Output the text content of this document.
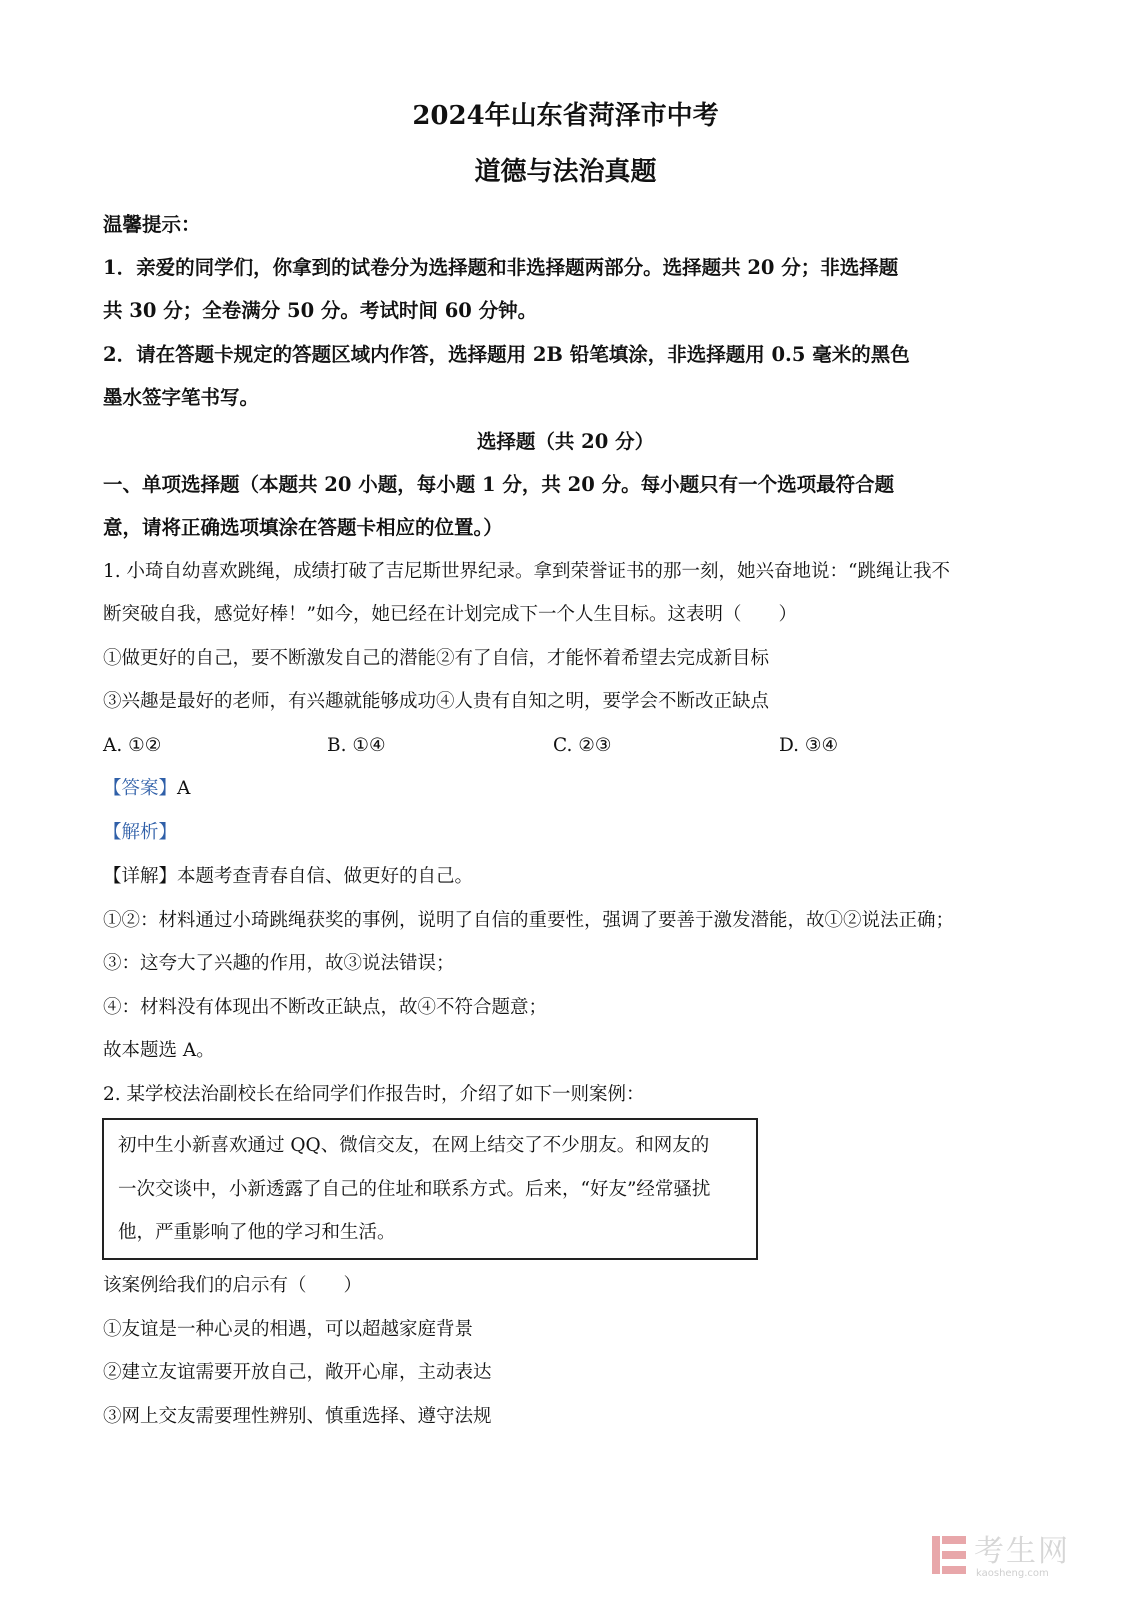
2024年山东省菏泽市中考
道德与法治真题
温馨提示：
1．亲爱的同学们，你拿到的试卷分为选择题和非选择题两部分。选择题共 20 分；非选择题
共 30 分；全卷满分 50 分。考试时间 60 分钟。
2．请在答题卡规定的答题区域内作答，选择题用 2B 铅笔填涂，非选择题用 0.5 毫米的黑色
墨水签字笔书写。
选择题（共 20 分）
一、单项选择题（本题共 20 小题，每小题 1 分，共 20 分。每小题只有一个选项最符合题
意，请将正确选项填涂在答题卡相应的位置。）
1. 小琦自幼喜欢跳绳，成绩打破了吉尼斯世界纪录。拿到荣誉证书的那一刻，她兴奋地说：“跳绳让我不
断突破自我，感觉好棒！”如今，她已经在计划完成下一个人生目标。这表明（　　）
①做更好的自己，要不断激发自己的潜能②有了自信，才能怀着希望去完成新目标
③兴趣是最好的老师，有兴趣就能够成功④人贵有自知之明，要学会不断改正缺点
A. ①②	B. ①④	C. ②③	D. ③④
【答案】A
【解析】
【详解】本题考查青春自信、做更好的自己。
①②：材料通过小琦跳绳获奖的事例，说明了自信的重要性，强调了要善于激发潜能，故①②说法正确；
③：这夸大了兴趣的作用，故③说法错误；
④：材料没有体现出不断改正缺点，故④不符合题意；
故本题选 A。
2. 某学校法治副校长在给同学们作报告时，介绍了如下一则案例：
初中生小新喜欢通过 QQ、微信交友，在网上结交了不少朋友。和网友的
一次交谈中，小新透露了自己的住址和联系方式。后来，“好友”经常骚扰
他，严重影响了他的学习和生活。
该案例给我们的启示有（　　）
①友谊是一种心灵的相遇，可以超越家庭背景
②建立友谊需要开放自己，敞开心扉，主动表达
③网上交友需要理性辨别、慎重选择、遵守法规
考生网
kaosheng.com
